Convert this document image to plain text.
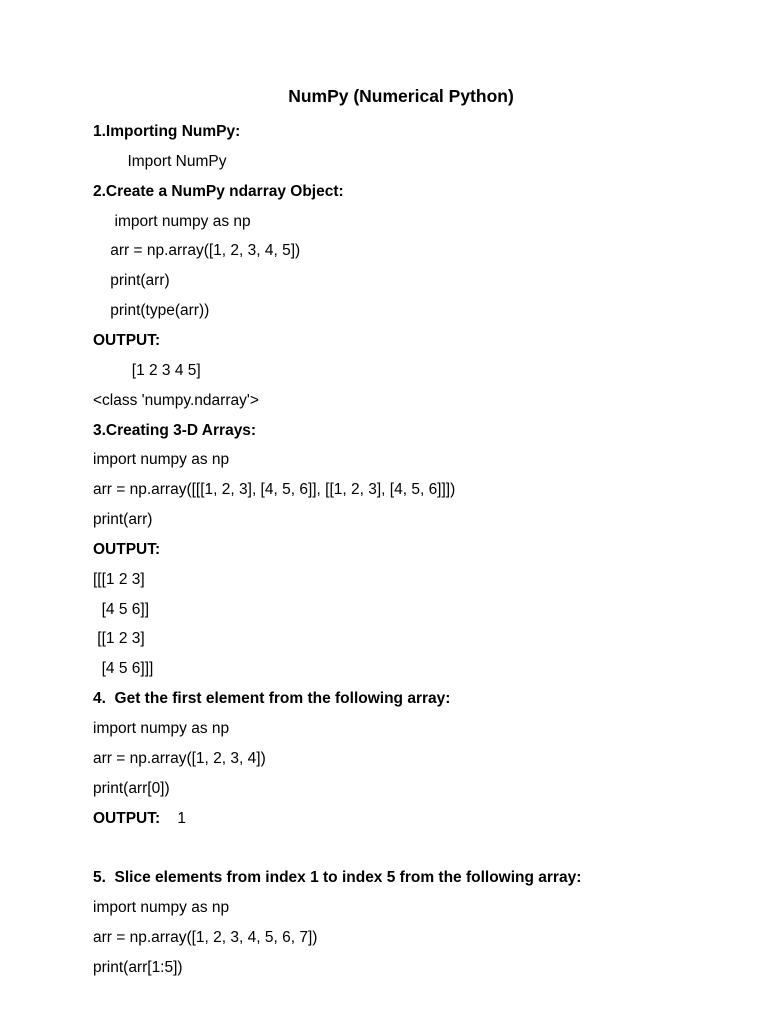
NumPy (Numerical Python)
1.Importing NumPy:
Import NumPy
2.Create a NumPy ndarray Object:
import numpy as np
arr = np.array([1, 2, 3, 4, 5])
print(arr)
print(type(arr))
OUTPUT:
[1 2 3 4 5]
<class 'numpy.ndarray'>
3.Creating 3-D Arrays:
import numpy as np
arr = np.array([[[1, 2, 3], [4, 5, 6]], [[1, 2, 3], [4, 5, 6]]])
print(arr)
OUTPUT:
[[[1 2 3]
[4 5 6]]
[[1 2 3]
[4 5 6]]]
4.  Get the first element from the following array:
import numpy as np
arr = np.array([1, 2, 3, 4])
print(arr[0])
OUTPUT:    1
5.  Slice elements from index 1 to index 5 from the following array:
import numpy as np
arr = np.array([1, 2, 3, 4, 5, 6, 7])
print(arr[1:5])
